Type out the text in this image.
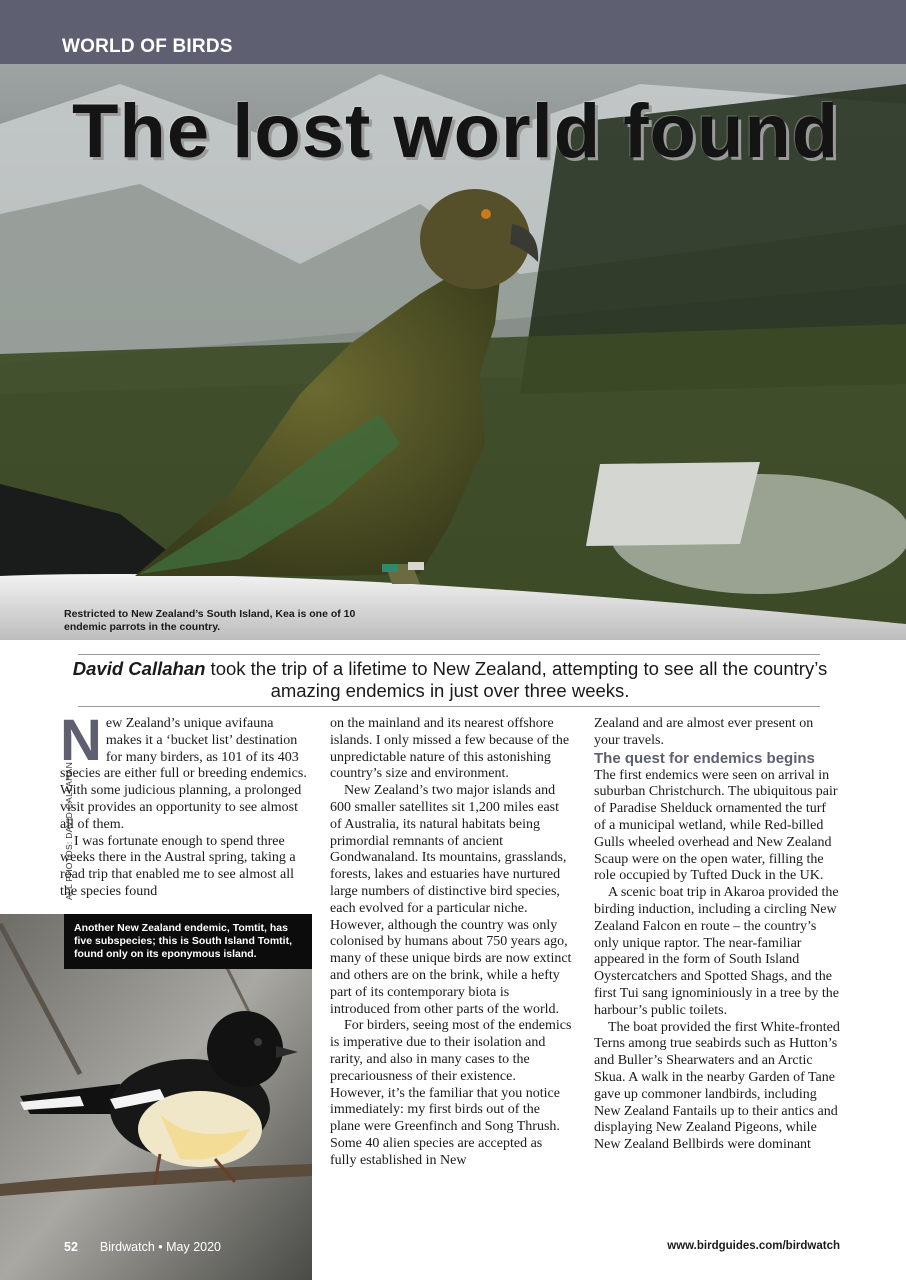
WORLD OF BIRDS
The lost world found
Restricted to New Zealand’s South Island, Kea is one of 10 endemic parrots in the country.
David Callahan took the trip of a lifetime to New Zealand, attempting to see all the country’s amazing endemics in just over three weeks.
ALL PHOTOS: DAVID CALLAHAN

New Zealand’s unique avifauna makes it a ‘bucket list’ destination for many birders, as 101 of its 403 species are either full or breeding endemics. With some judicious planning, a prolonged visit provides an opportunity to see almost all of them.

I was fortunate enough to spend three weeks there in the Austral spring, taking a road trip that enabled me to see almost all the species found

on the mainland and its nearest offshore islands. I only missed a few because of the unpredictable nature of this astonishing country’s size and environment.

New Zealand’s two major islands and 600 smaller satellites sit 1,200 miles east of Australia, its natural habitats being primordial remnants of ancient Gondwanaland. Its mountains, grasslands, forests, lakes and estuaries have nurtured large numbers of distinctive bird species, each evolved for a particular niche. However, although the country was only colonised by humans about 750 years ago, many of these unique birds are now extinct and others are on the brink, while a hefty part of its contemporary biota is introduced from other parts of the world.

For birders, seeing most of the endemics is imperative due to their isolation and rarity, and also in many cases to the precariousness of their existence. However, it’s the familiar that you notice immediately: my first birds out of the plane were Greenfinch and Song Thrush. Some 40 alien species are accepted as fully established in New

Zealand and are almost ever present on your travels.

The quest for endemics begins

The first endemics were seen on arrival in suburban Christchurch. The ubiquitous pair of Paradise Shelduck ornamented the turf of a municipal wetland, while Red-billed Gulls wheeled overhead and New Zealand Scaup were on the open water, filling the role occupied by Tufted Duck in the UK.

A scenic boat trip in Akaroa provided the birding induction, including a circling New Zealand Falcon en route – the country’s only unique raptor. The near-familiar appeared in the form of South Island Oystercatchers and Spotted Shags, and the first Tui sang ignominiously in a tree by the harbour’s public toilets.

The boat provided the first White-fronted Terns among true seabirds such as Hutton’s and Buller’s Shearwaters and an Arctic Skua. A walk in the nearby Garden of Tane gave up commoner landbirds, including New Zealand Fantails up to their antics and displaying New Zealand Pigeons, while New Zealand Bellbirds were dominant

Another New Zealand endemic, Tomtit, has five subspecies; this is South Island Tomtit, found only on its eponymous island.
52 Birdwatch • May 2020	www.birdguides.com/birdwatch
